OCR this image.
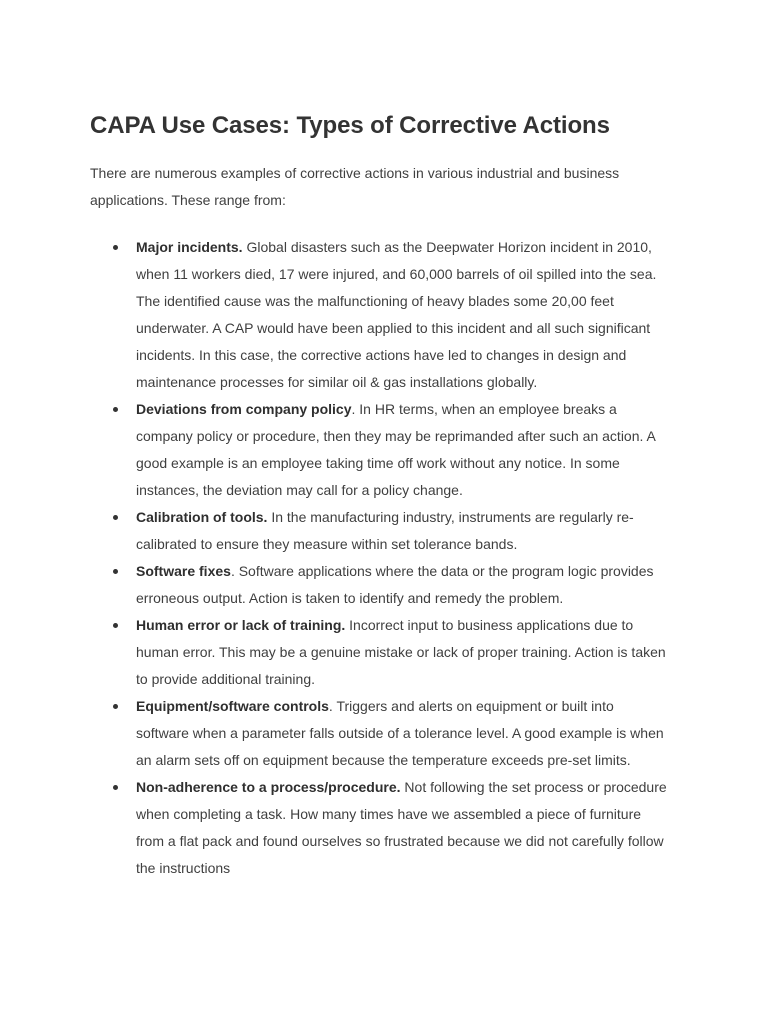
CAPA Use Cases: Types of Corrective Actions

There are numerous examples of corrective actions in various industrial and business applications. These range from:

Major incidents. Global disasters such as the Deepwater Horizon incident in 2010, when 11 workers died, 17 were injured, and 60,000 barrels of oil spilled into the sea. The identified cause was the malfunctioning of heavy blades some 20,00 feet underwater. A CAP would have been applied to this incident and all such significant incidents. In this case, the corrective actions have led to changes in design and maintenance processes for similar oil & gas installations globally.
Deviations from company policy. In HR terms, when an employee breaks a company policy or procedure, then they may be reprimanded after such an action. A good example is an employee taking time off work without any notice. In some instances, the deviation may call for a policy change.
Calibration of tools. In the manufacturing industry, instruments are regularly re-calibrated to ensure they measure within set tolerance bands.
Software fixes. Software applications where the data or the program logic provides erroneous output. Action is taken to identify and remedy the problem.
Human error or lack of training. Incorrect input to business applications due to human error. This may be a genuine mistake or lack of proper training. Action is taken to provide additional training.
Equipment/software controls. Triggers and alerts on equipment or built into software when a parameter falls outside of a tolerance level. A good example is when an alarm sets off on equipment because the temperature exceeds pre-set limits.
Non-adherence to a process/procedure. Not following the set process or procedure when completing a task. How many times have we assembled a piece of furniture from a flat pack and found ourselves so frustrated because we did not carefully follow the instructions
